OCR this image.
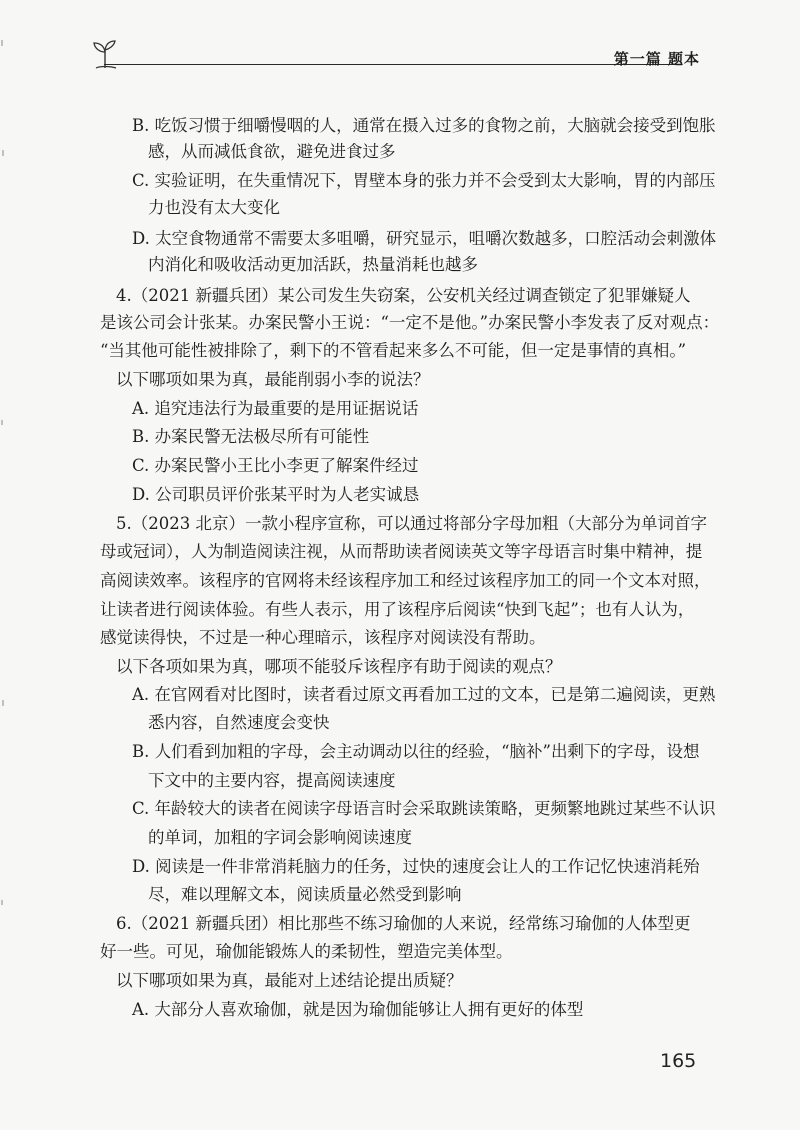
第一篇 题本
B. 吃饭习惯于细嚼慢咽的人，通常在摄入过多的食物之前，大脑就会接受到饱胀
感，从而减低食欲，避免进食过多
C. 实验证明，在失重情况下，胃壁本身的张力并不会受到太大影响，胃的内部压
力也没有太大变化
D. 太空食物通常不需要太多咀嚼，研究显示，咀嚼次数越多，口腔活动会刺激体
内消化和吸收活动更加活跃，热量消耗也越多
4.（2021 新疆兵团）某公司发生失窃案，公安机关经过调查锁定了犯罪嫌疑人
是该公司会计张某。办案民警小王说：“一定不是他。”办案民警小李发表了反对观点：
“当其他可能性被排除了，剩下的不管看起来多么不可能，但一定是事情的真相。”
以下哪项如果为真，最能削弱小李的说法？
A. 追究违法行为最重要的是用证据说话
B. 办案民警无法极尽所有可能性
C. 办案民警小王比小李更了解案件经过
D. 公司职员评价张某平时为人老实诚恳
5.（2023 北京）一款小程序宣称，可以通过将部分字母加粗（大部分为单词首字
母或冠词），人为制造阅读注视，从而帮助读者阅读英文等字母语言时集中精神，提
高阅读效率。该程序的官网将未经该程序加工和经过该程序加工的同一个文本对照，
让读者进行阅读体验。有些人表示，用了该程序后阅读“快到飞起”；也有人认为，
感觉读得快，不过是一种心理暗示，该程序对阅读没有帮助。
以下各项如果为真，哪项不能驳斥该程序有助于阅读的观点？
A. 在官网看对比图时，读者看过原文再看加工过的文本，已是第二遍阅读，更熟
悉内容，自然速度会变快
B. 人们看到加粗的字母，会主动调动以往的经验，“脑补”出剩下的字母，设想
下文中的主要内容，提高阅读速度
C. 年龄较大的读者在阅读字母语言时会采取跳读策略，更频繁地跳过某些不认识
的单词，加粗的字词会影响阅读速度
D. 阅读是一件非常消耗脑力的任务，过快的速度会让人的工作记忆快速消耗殆
尽，难以理解文本，阅读质量必然受到影响
6.（2021 新疆兵团）相比那些不练习瑜伽的人来说，经常练习瑜伽的人体型更
好一些。可见，瑜伽能锻炼人的柔韧性，塑造完美体型。
以下哪项如果为真，最能对上述结论提出质疑？
A. 大部分人喜欢瑜伽，就是因为瑜伽能够让人拥有更好的体型
165
